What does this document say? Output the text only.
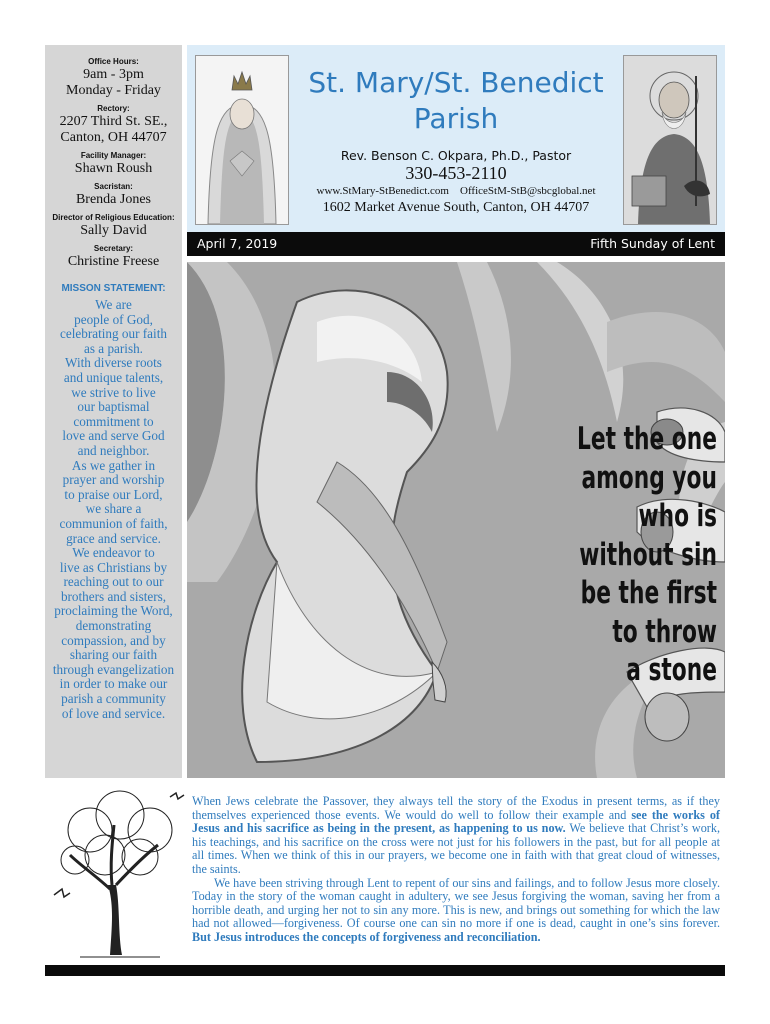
Office Hours:
9am - 3pm
Monday - Friday
Rectory:
2207 Third St. SE.,
Canton, OH 44707
Facility Manager:
Shawn Roush
Sacristan:
Brenda Jones
Director of Religious Education:
Sally David
Secretary:
Christine Freese
MISSON STATEMENT:
We are
people of God,
celebrating our faith
as a parish.
With diverse roots
and unique talents,
we strive to live
our baptismal
commitment to
love and serve God
and neighbor.
As we gather in
prayer and worship
to praise our Lord,
we share a
communion of faith,
grace and service.
We endeavor to
live as Christians by
reaching out to our
brothers and sisters,
proclaiming the Word,
demonstrating
compassion, and by
sharing our faith
through evangelization
in order to make our
parish a community
of love and service.
St. Mary/St. Benedict
Parish
Rev. Benson C. Okpara, Ph.D., Pastor
330-453-2110
www.StMary-StBenedict.com OfficeStM-StB@sbcglobal.net
1602 Market Avenue South, Canton, OH 44707
April 7, 2019	Fifth Sunday of Lent
Let the one
among you
who is
without sin
be the first
to throw
a stone

When Jews celebrate the Passover, they always tell the story of the Exodus in present terms, as if they themselves experienced those events. We would do well to follow their example and see the works of Jesus and his sacrifice as being in the present, as happening to us now. We believe that Christ’s work, his teachings, and his sacrifice on the cross were not just for his followers in the past, but for all people at all times. When we think of this in our prayers, we become one in faith with that great cloud of witnesses, the saints.

We have been striving through Lent to repent of our sins and failings, and to follow Jesus more closely. Today in the story of the woman caught in adultery, we see Jesus forgiving the woman, saving her from a horrible death, and urging her not to sin any more. This is new, and brings out something for which the law had not allowed—forgiveness. Of course one can sin no more if one is dead, caught in one’s sins forever. But Jesus introduces the concepts of forgiveness and reconciliation.
